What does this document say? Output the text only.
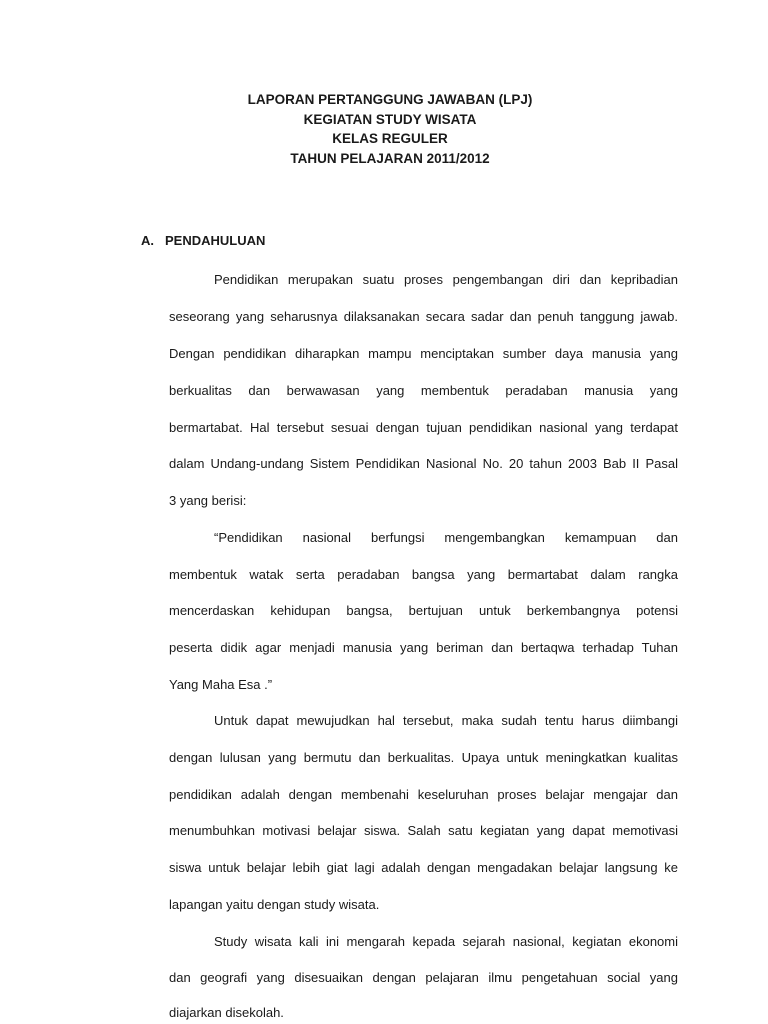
LAPORAN PERTANGGUNG JAWABAN (LPJ)
KEGIATAN STUDY WISATA
KELAS REGULER
TAHUN PELAJARAN 2011/2012
A. PENDAHULUAN
Pendidikan merupakan suatu proses pengembangan diri dan kepribadian
seseorang yang seharusnya dilaksanakan secara sadar dan penuh tanggung jawab.
Dengan pendidikan diharapkan mampu menciptakan sumber daya manusia yang
berkualitas dan berwawasan yang membentuk peradaban manusia yang
bermartabat. Hal tersebut sesuai dengan tujuan pendidikan nasional yang terdapat
dalam Undang-undang Sistem Pendidikan Nasional No. 20 tahun 2003 Bab II Pasal
3 yang berisi:
“Pendidikan nasional berfungsi mengembangkan kemampuan dan
membentuk watak serta peradaban bangsa yang bermartabat dalam rangka
mencerdaskan kehidupan bangsa, bertujuan untuk berkembangnya potensi
peserta didik agar menjadi manusia yang beriman dan bertaqwa terhadap Tuhan
Yang Maha Esa .”
Untuk dapat mewujudkan hal tersebut, maka sudah tentu harus diimbangi
dengan lulusan yang bermutu dan berkualitas. Upaya untuk meningkatkan kualitas
pendidikan adalah dengan membenahi keseluruhan proses belajar mengajar dan
menumbuhkan motivasi belajar siswa. Salah satu kegiatan yang dapat memotivasi
siswa untuk belajar lebih giat lagi adalah dengan mengadakan belajar langsung ke
lapangan yaitu dengan study wisata.
Study wisata kali ini mengarah kepada sejarah nasional, kegiatan ekonomi
dan geografi yang disesuaikan dengan pelajaran ilmu pengetahuan social yang
diajarkan disekolah.
